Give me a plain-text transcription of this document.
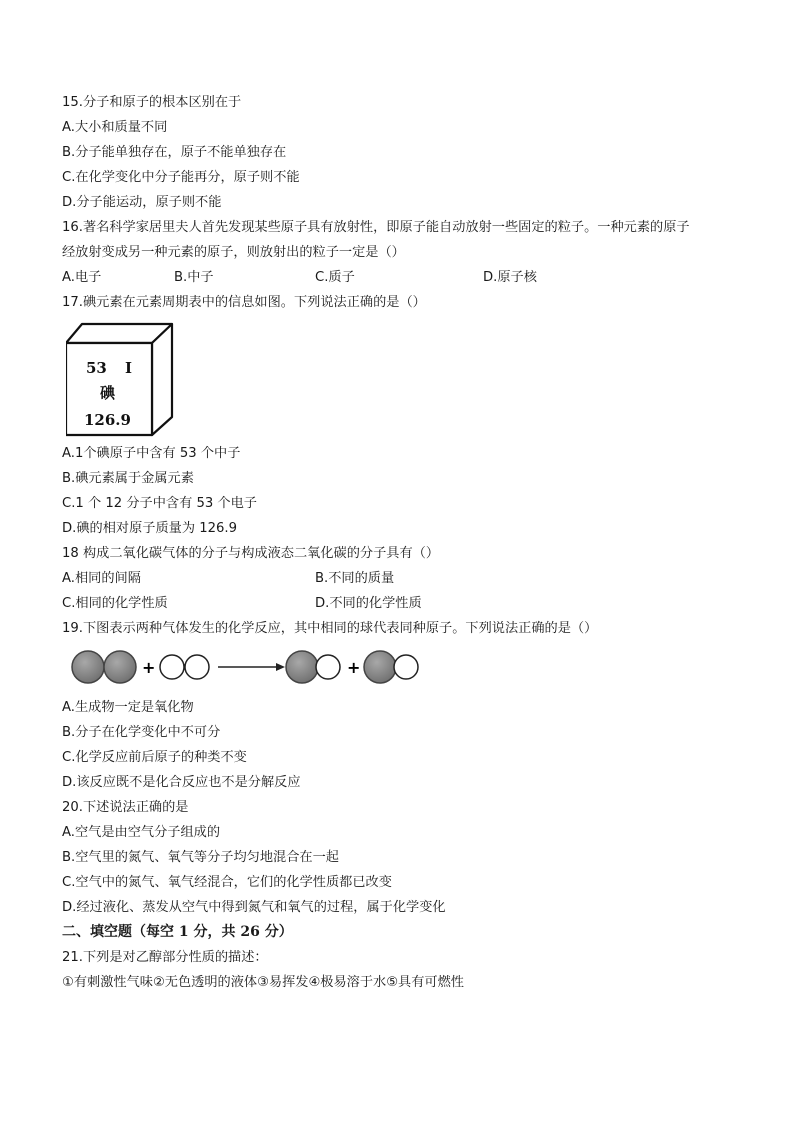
15.分子和原子的根本区别在于
A.大小和质量不同
B.分子能单独存在，原子不能单独存在
C.在化学变化中分子能再分，原子则不能
D.分子能运动，原子则不能
16.著名科学家居里夫人首先发现某些原子具有放射性，即原子能自动放射一些固定的粒子。一种元素的原子
经放射变成另一种元素的原子，则放射出的粒子一定是（）
A.电子	B.中子	C.质子	D.原子核
17.碘元素在元素周期表中的信息如图。下列说法正确的是（）
53 I
碘
126.9
A.1个碘原子中含有 53 个中子
B.碘元素属于金属元素
C.1 个 12 分子中含有 53 个电子
D.碘的相对原子质量为 126.9
18 构成二氧化碳气体的分子与构成液态二氧化碳的分子具有（）
A.相同的间隔	B.不同的质量
C.相同的化学性质	D.不同的化学性质
19.下图表示两种气体发生的化学反应，其中相同的球代表同种原子。下列说法正确的是（）
+	+
A.生成物一定是氧化物
B.分子在化学变化中不可分
C.化学反应前后原子的种类不变
D.该反应既不是化合反应也不是分解反应
20.下述说法正确的是
A.空气是由空气分子组成的
B.空气里的氮气、氧气等分子均匀地混合在一起
C.空气中的氮气、氧气经混合，它们的化学性质都已改变
D.经过液化、蒸发从空气中得到氮气和氧气的过程，属于化学变化
二、填空题（每空 1 分，共 26 分）
21.下列是对乙醇部分性质的描述：
①有刺激性气味②无色透明的液体③易挥发④极易溶于水⑤具有可燃性
